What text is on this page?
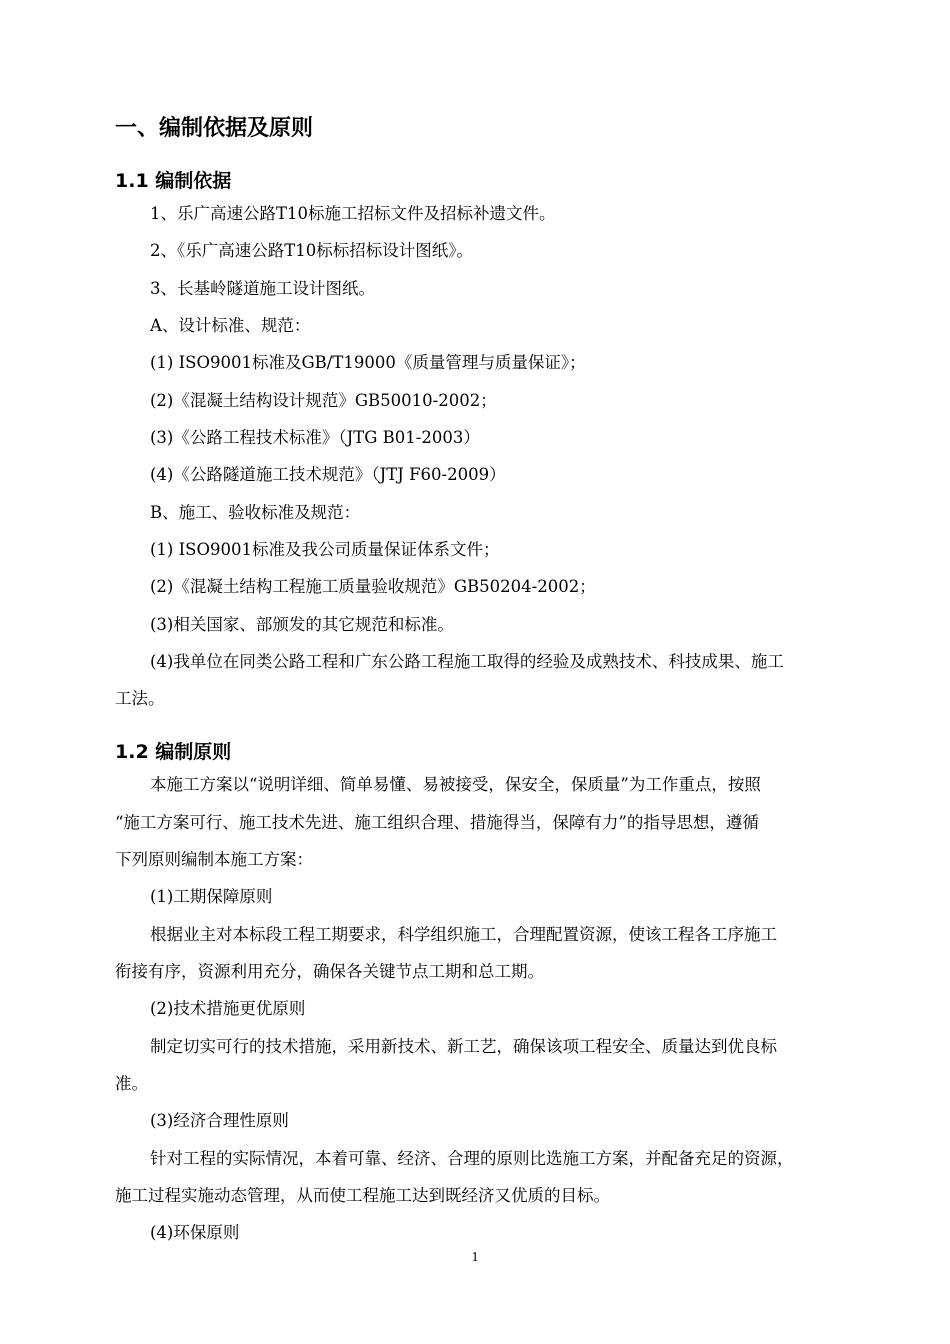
一、编制依据及原则
1.1 编制依据
1、乐广高速公路T10标施工招标文件及招标补遗文件。
2、《乐广高速公路T10标标招标设计图纸》。
3、长基岭隧道施工设计图纸。
A、设计标准、规范：
(1) ISO9001标准及GB/T19000《质量管理与质量保证》；
(2)《混凝土结构设计规范》GB50010-2002；
(3)《公路工程技术标准》（JTG B01-2003）
(4)《公路隧道施工技术规范》（JTJ F60-2009）
B、施工、验收标准及规范：
(1) ISO9001标准及我公司质量保证体系文件；
(2)《混凝土结构工程施工质量验收规范》GB50204-2002；
(3)相关国家、部颁发的其它规范和标准。
(4)我单位在同类公路工程和广东公路工程施工取得的经验及成熟技术、科技成果、施工
工法。
1.2 编制原则
本施工方案以“说明详细、简单易懂、易被接受，保安全，保质量”为工作重点，按照
“施工方案可行、施工技术先进、施工组织合理、措施得当，保障有力”的指导思想，遵循
下列原则编制本施工方案：
(1)工期保障原则
根据业主对本标段工程工期要求，科学组织施工，合理配置资源，使该工程各工序施工
衔接有序，资源利用充分，确保各关键节点工期和总工期。
(2)技术措施更优原则
制定切实可行的技术措施，采用新技术、新工艺，确保该项工程安全、质量达到优良标
准。
(3)经济合理性原则
针对工程的实际情况，本着可靠、经济、合理的原则比选施工方案，并配备充足的资源，
施工过程实施动态管理，从而使工程施工达到既经济又优质的目标。
(4)环保原则
1
